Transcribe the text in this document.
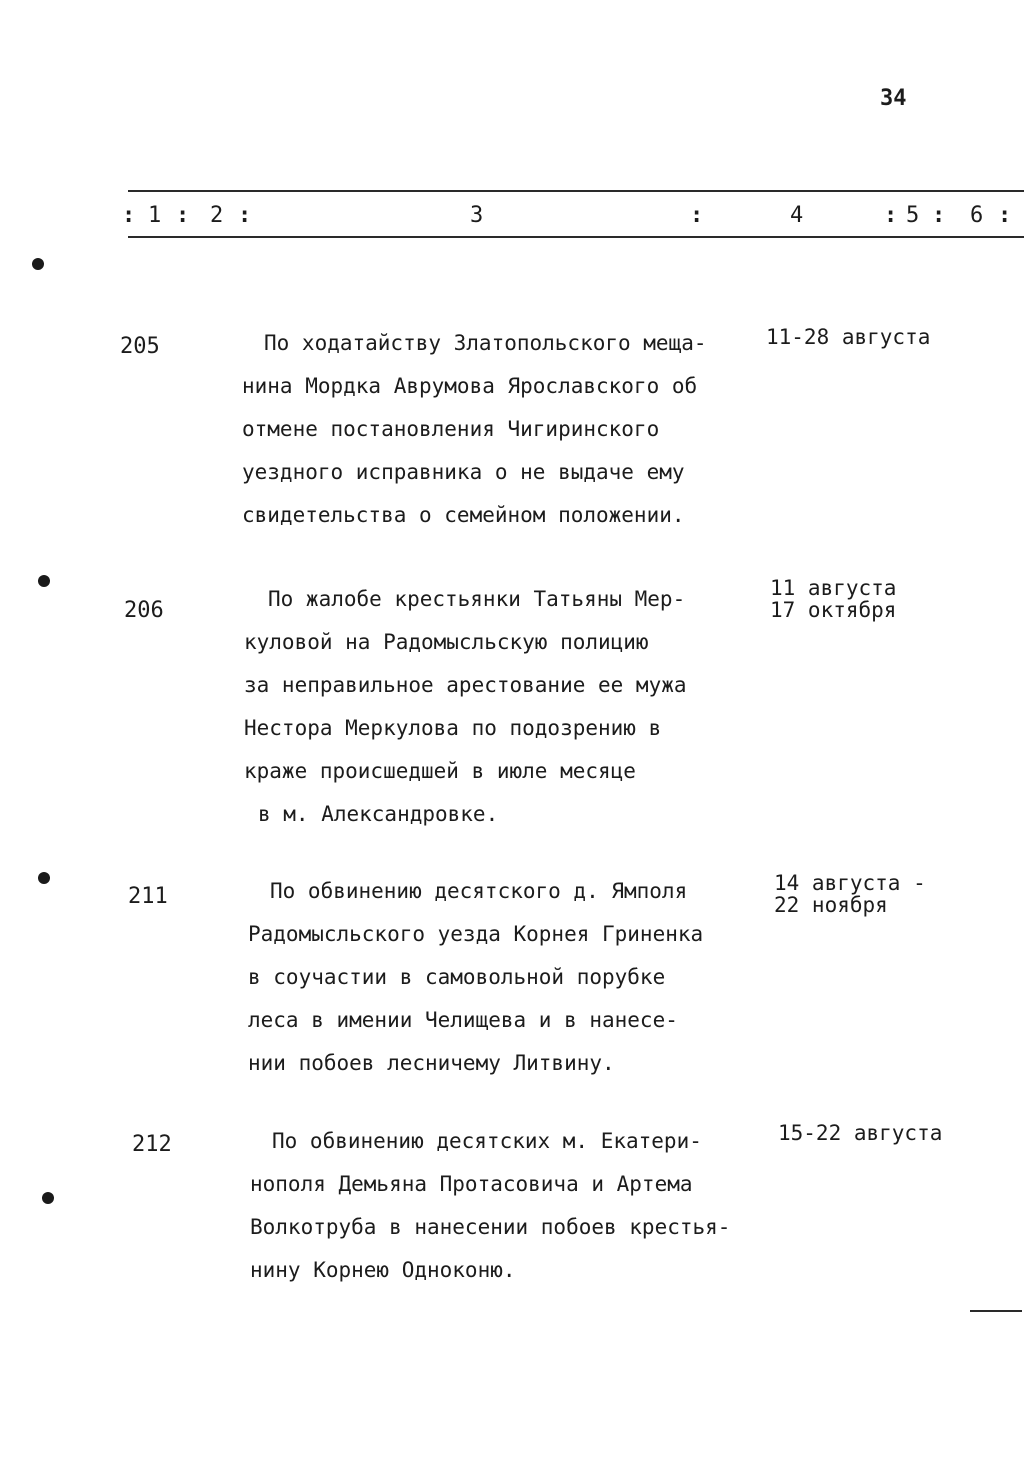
34
: 1 : 2 :	3	:	4	: 5 : 6 :
205	По ходатайству Златопольского меща-
нина Мордка Аврумова Ярославского об
отмене постановления Чигиринского
уездного исправника о не выдаче ему
свидетельства о семейном положении.
11-28 августа
206	По жалобе крестьянки Татьяны Мер-
куловой на Радомысльскую полицию
за неправильное арестование ее мужа
Нестора Меркулова по подозрению в
краже происшедшей в июле месяце
в м. Александровке.
11 августа
17 октября
211	По обвинению десятского д. Ямполя
Радомысльского уезда Корнея Гриненка
в соучастии в самовольной порубке
леса в имении Челищева и в нанесе-
нии побоев лесничему Литвину.
14 августа -
22 ноября
212	По обвинению десятских м. Екатери-
нополя Демьяна Протасовича и Артема
Волкотруба в нанесении побоев крестья-
нину Корнею Одноконю.
15-22 августа
